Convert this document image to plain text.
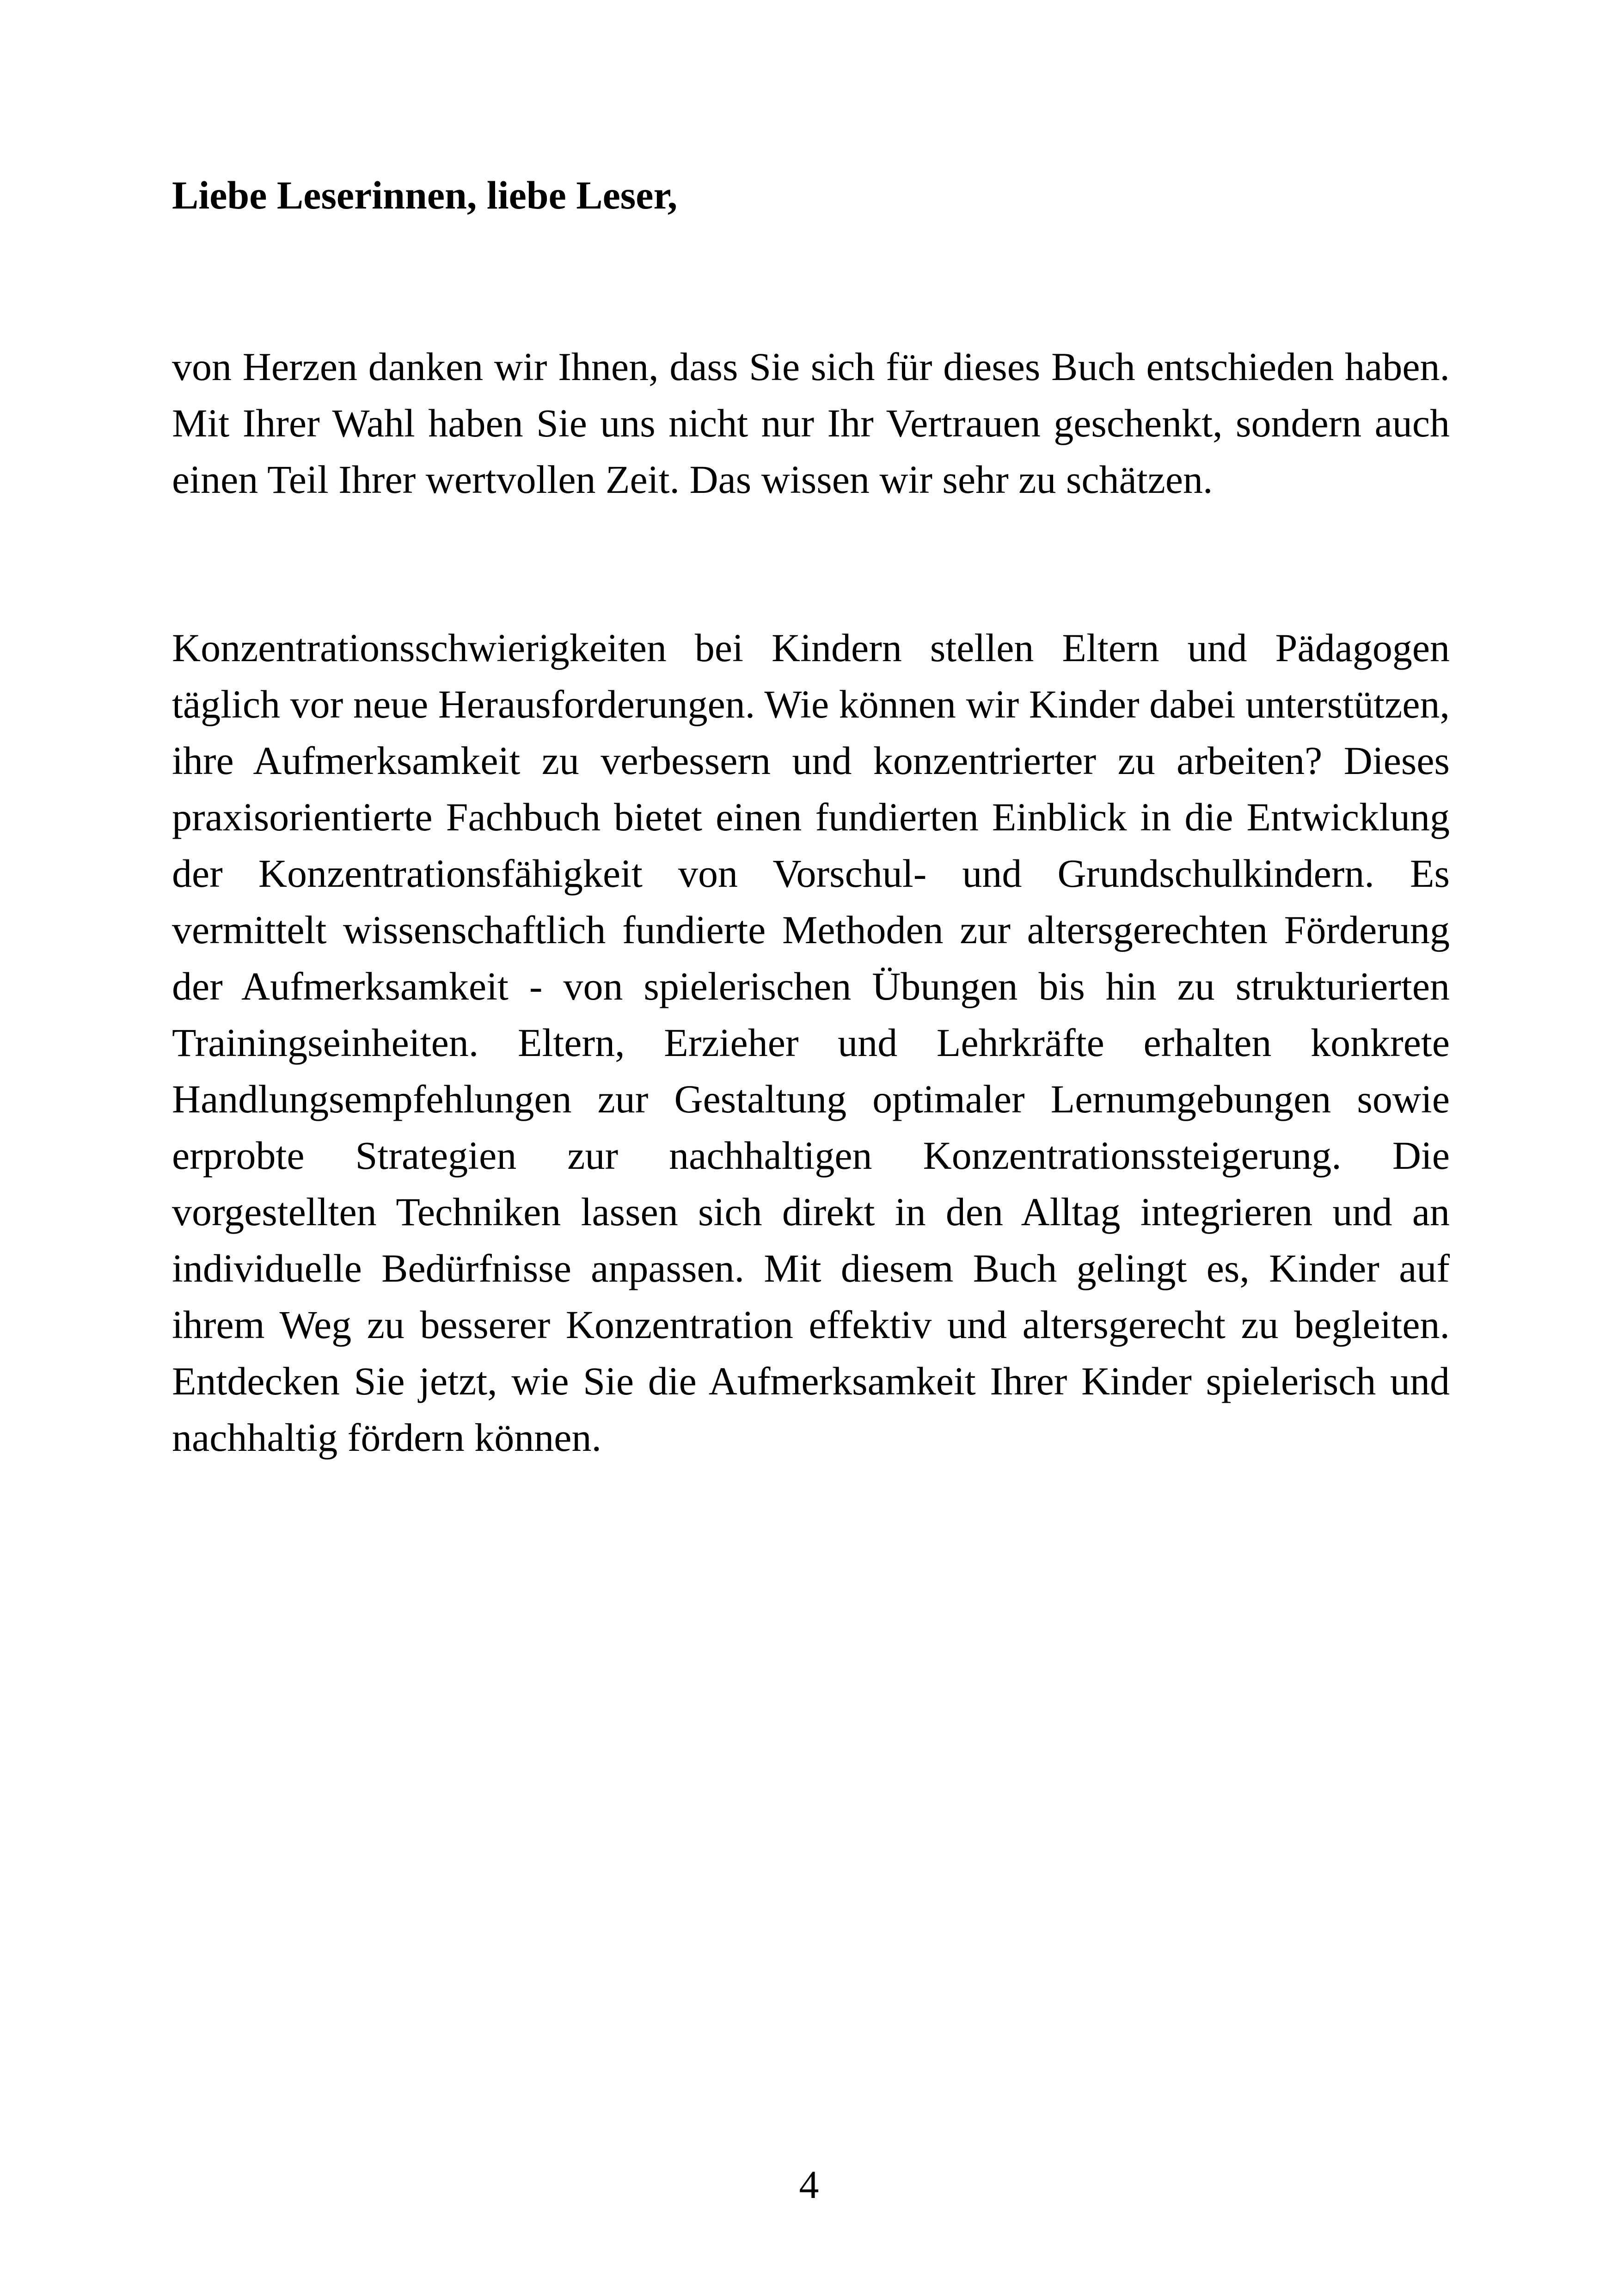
Liebe Leserinnen, liebe Leser,

von Herzen danken wir Ihnen, dass Sie sich für dieses Buch entschieden haben. Mit Ihrer Wahl haben Sie uns nicht nur Ihr Vertrauen geschenkt, sondern auch einen Teil Ihrer wertvollen Zeit. Das wissen wir sehr zu schätzen.

Konzentrationsschwierigkeiten bei Kindern stellen Eltern und Pädagogen täglich vor neue Herausforderungen. Wie können wir Kinder dabei unterstützen, ihre Aufmerksamkeit zu verbessern und konzentrierter zu arbeiten? Dieses praxisorientierte Fachbuch bietet einen fundierten Einblick in die Entwicklung der Konzentrationsfähigkeit von Vorschul- und Grundschulkindern. Es vermittelt wissenschaftlich fundierte Methoden zur altersgerechten Förderung der Aufmerksamkeit - von spielerischen Übungen bis hin zu strukturierten Trainingseinheiten. Eltern, Erzieher und Lehrkräfte erhalten konkrete Handlungsempfehlungen zur Gestaltung optimaler Lernumgebungen sowie erprobte Strategien zur nachhaltigen Konzentrationssteigerung. Die vorgestellten Techniken lassen sich direkt in den Alltag integrieren und an individuelle Bedürfnisse anpassen. Mit diesem Buch gelingt es, Kinder auf ihrem Weg zu besserer Konzentration effektiv und altersgerecht zu begleiten. Entdecken Sie jetzt, wie Sie die Aufmerksamkeit Ihrer Kinder spielerisch und nachhaltig fördern können.

4
